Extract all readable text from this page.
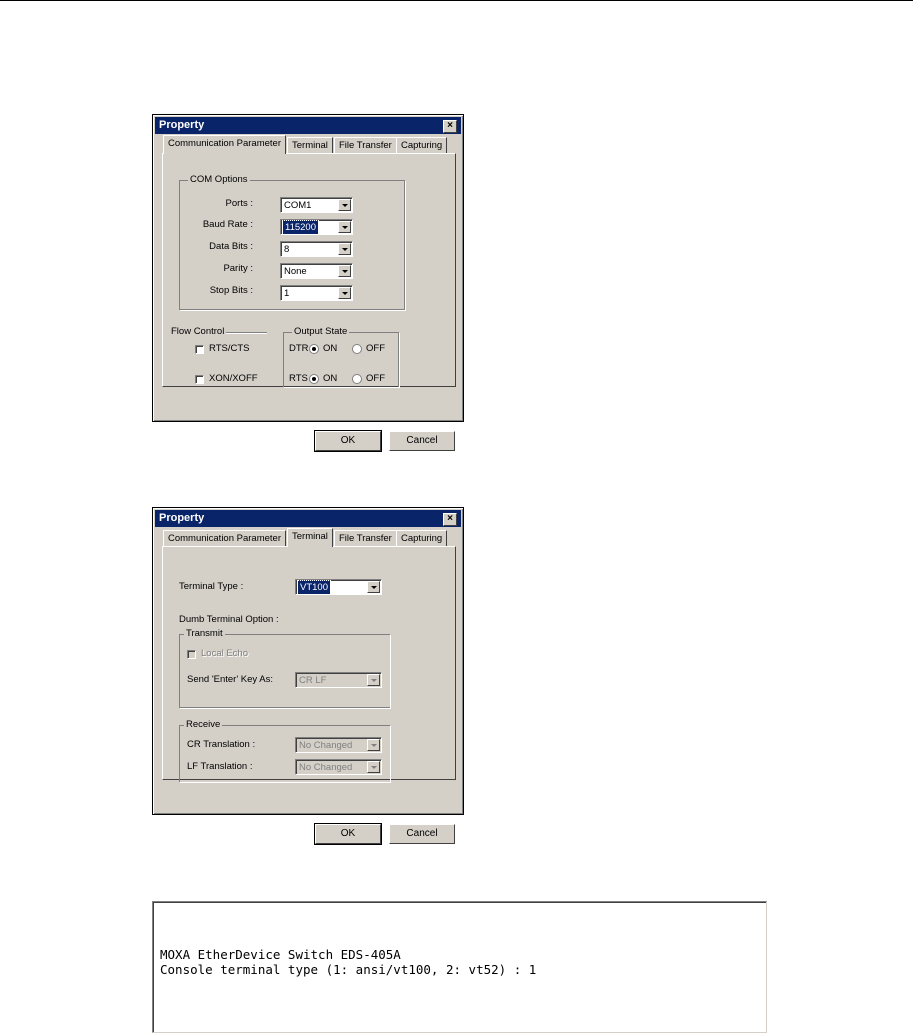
Property	×
Communication Parameter	Terminal	File Transfer Capturing
COM Options
Ports :	COM1
Baud Rate :	115200
Data Bits :	8
Parity :	None
Stop Bits :	1
Flow Control
RTS/CTS
XON/XOFF
Output State
DTR ON	OFF
RTS ON	OFF
OK	Cancel
Property	×
Communication Parameter	Terminal	File Transfer Capturing
Terminal Type :	VT100
Dumb Terminal Option :
Transmit
Local Echo
Send 'Enter' Key As:	CR LF
Receive
CR Translation :	No Changed
LF Translation :	No Changed
OK	Cancel
MOXA EtherDevice Switch EDS-405A
Console terminal type (1: ansi/vt100, 2: vt52) : 1
